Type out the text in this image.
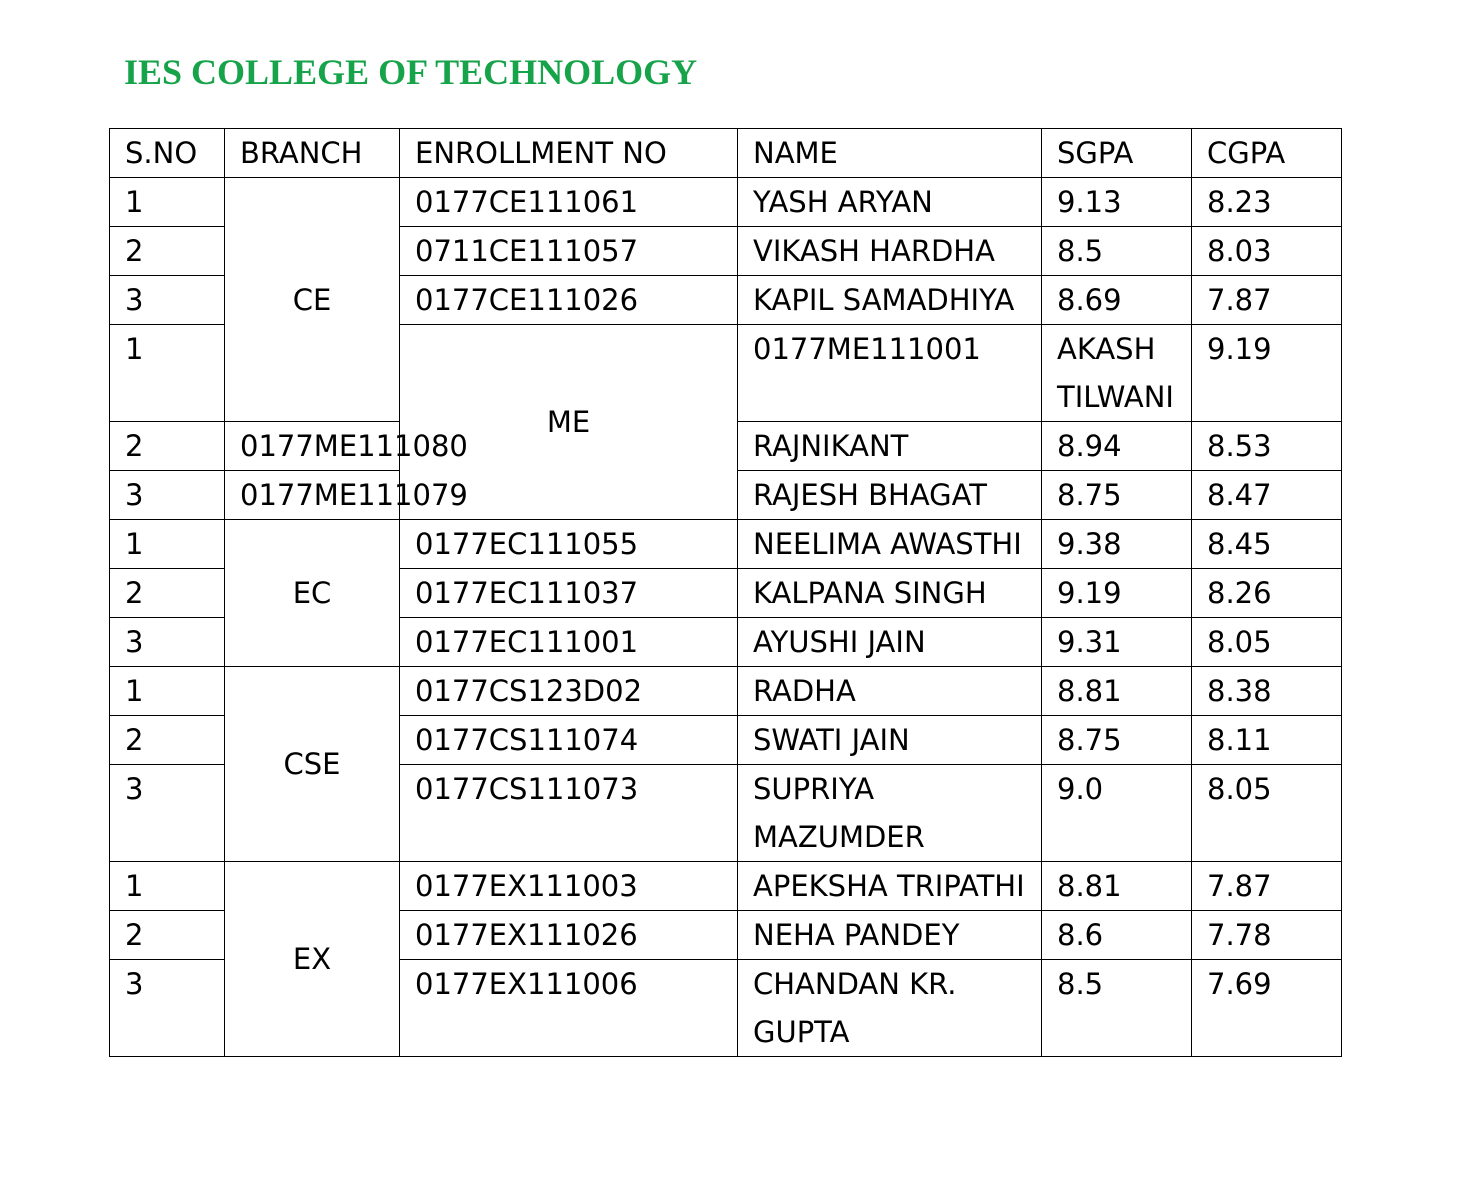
IES COLLEGE OF TECHNOLOGY
S.NO	BRANCH	ENROLLMENT NO	NAME	SGPA	CGPA	
1	CE	0177CE111061	YASH ARYAN	9.13	8.23	
2		0711CE111057	VIKASH HARDHA	8.5	8.03	
3		0177CE111026	KAPIL SAMADHIYA	8.69	7.87	
1		ME	0177ME111001	AKASH TILWANI	9.19	
2	0177ME111080		RAJNIKANT	8.94	8.53	
3	0177ME111079		RAJESH BHAGAT	8.75	8.47	
1	EC	0177EC111055	NEELIMA AWASTHI	9.38	8.45	
2		0177EC111037	KALPANA SINGH	9.19	8.26	
3		0177EC111001	AYUSHI JAIN	9.31	8.05	
1	CSE	0177CS123D02	RADHA	8.81	8.38	
2		0177CS111074	SWATI JAIN	8.75	8.11	
3		0177CS111073	SUPRIYA MAZUMDER	9.0	8.05	
1	EX	0177EX111003	APEKSHA TRIPATHI	8.81	7.87	
2		0177EX111026	NEHA PANDEY	8.6	7.78	
3		0177EX111006	CHANDAN KR. GUPTA	8.5	7.69	
